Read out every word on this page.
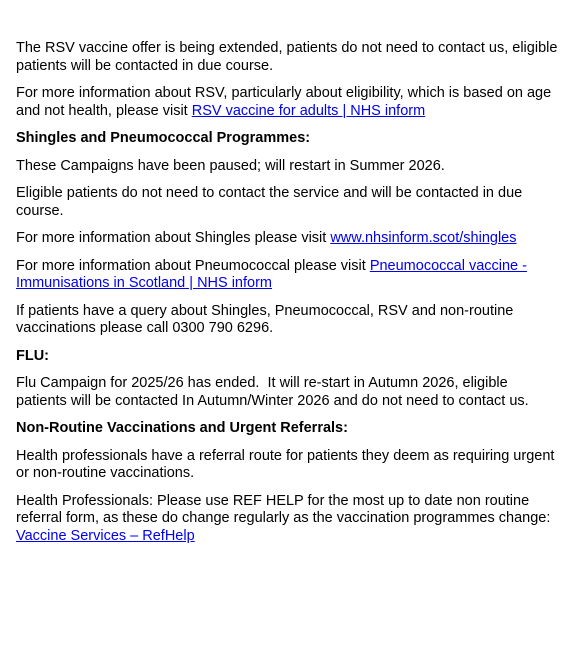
The RSV vaccine offer is being extended, patients do not need to contact us, eligible patients will be contacted in due course.

For more information about RSV, particularly about eligibility, which is based on age and not health, please visit RSV vaccine for adults | NHS inform

Shingles and Pneumococcal Programmes:

These Campaigns have been paused; will restart in Summer 2026.

Eligible patients do not need to contact the service and will be contacted in due course.

For more information about Shingles please visit www.nhsinform.scot/shingles

For more information about Pneumococcal please visit Pneumococcal vaccine - Immunisations in Scotland | NHS inform

If patients have a query about Shingles, Pneumococcal, RSV and non-routine vaccinations please call 0300 790 6296.

FLU:

Flu Campaign for 2025/26 has ended.  It will re-start in Autumn 2026, eligible patients will be contacted In Autumn/Winter 2026 and do not need to contact us.

Non-Routine Vaccinations and Urgent Referrals:

Health professionals have a referral route for patients they deem as requiring urgent or non-routine vaccinations.

Health Professionals: Please use REF HELP for the most up to date non routine referral form, as these do change regularly as the vaccination programmes change: Vaccine Services – RefHelp
